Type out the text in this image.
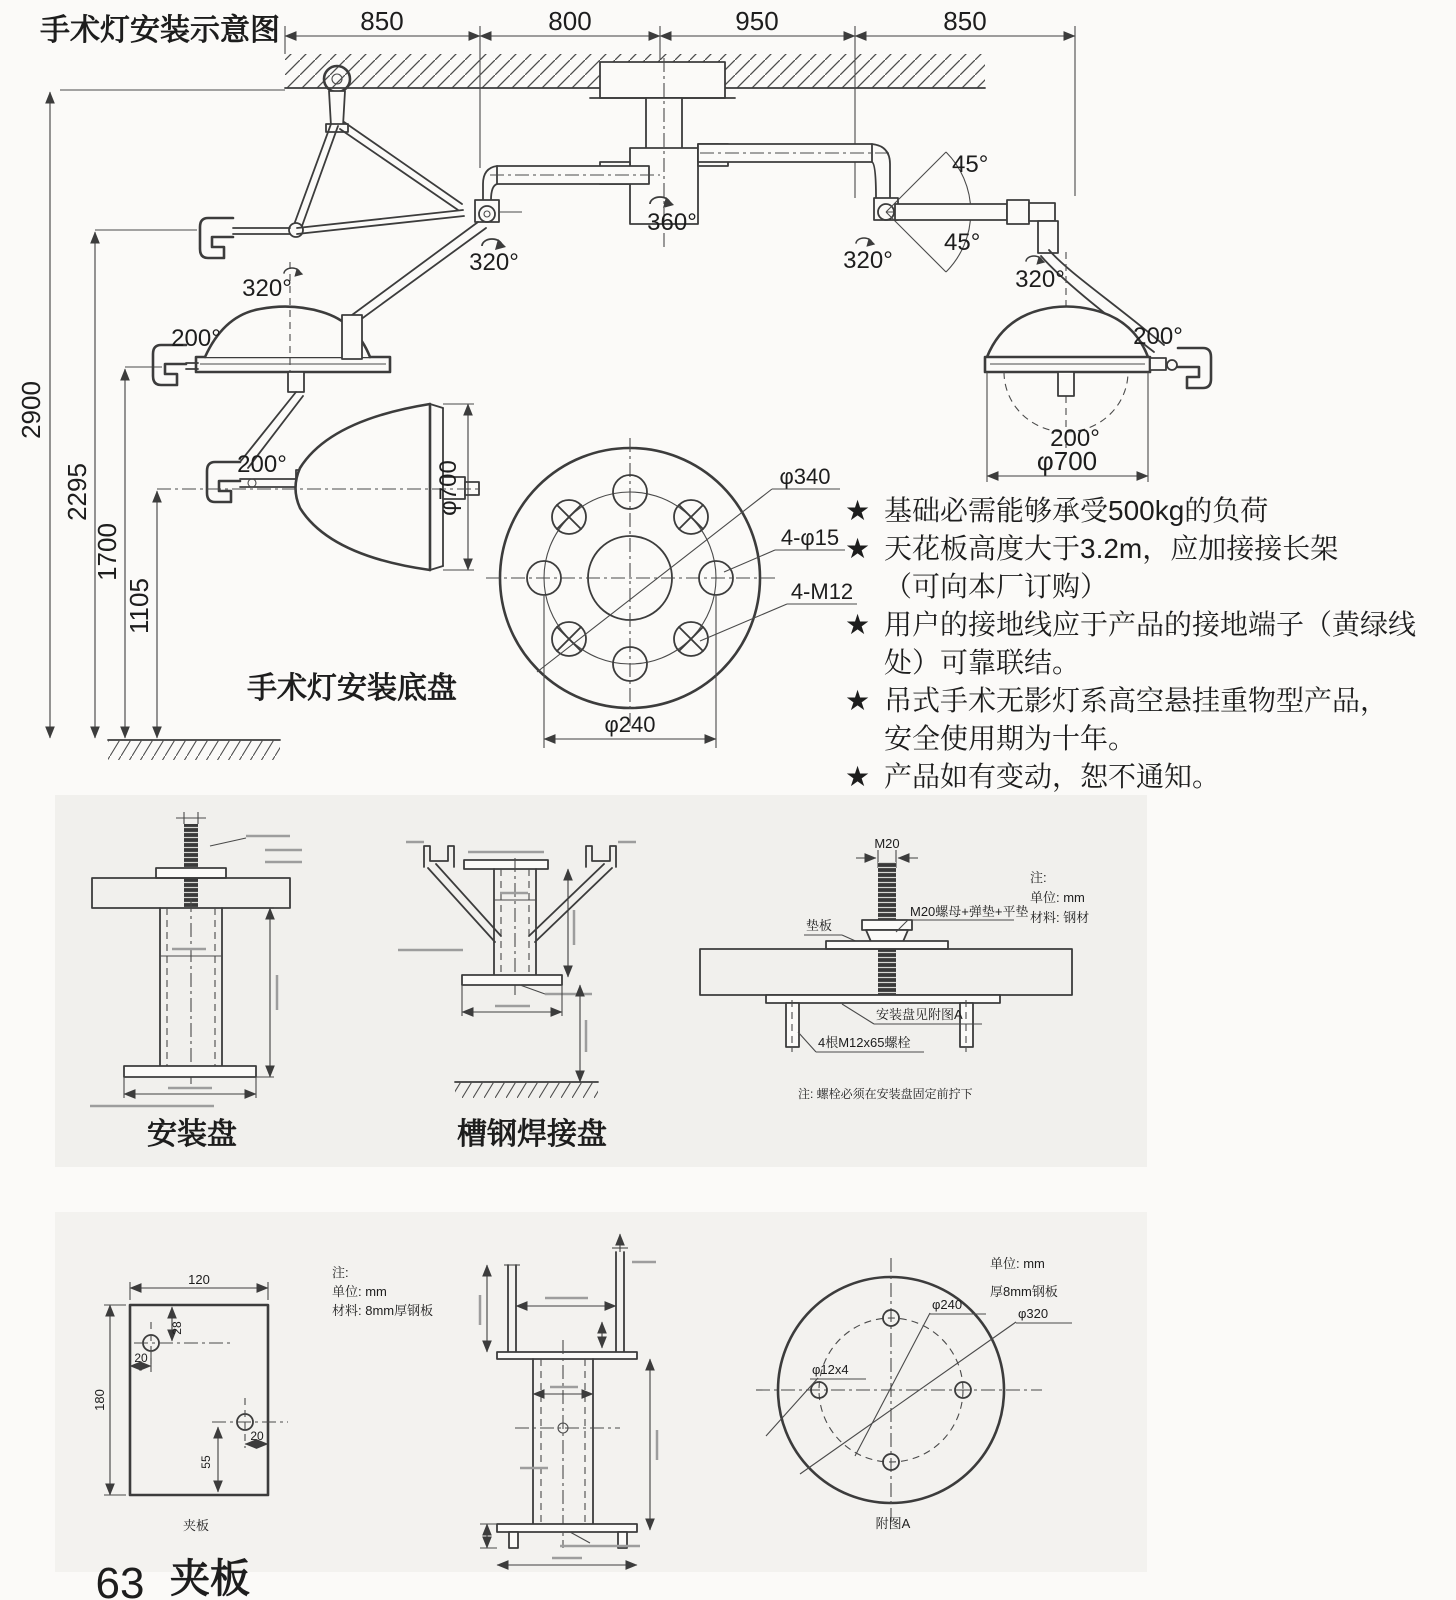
手术灯安装示意图	850	800	950	850
2900
2295
1700
1105
360°
320°
320°
200°
200°	φ700
手术灯安装底盘
320°
45°
45°
320°
200°
200°
φ700
φ340
4-φ15
4-M12
φ240
★ 基础必需能够承受500kg的负荷
★ 天花板高度大于3.2m，应加接接长架
（可向本厂订购）
★ 用户的接地线应于产品的接地端子（黄绿线
处）可靠联结。
★ 吊式手术无影灯系高空悬挂重物型产品，
安全使用期为十年。
★ 产品如有变动，恕不通知。
安装盘	槽钢焊接盘
M20
M20螺母+弹垫+平垫
垫板
安装盘见附图A
4根M12x65螺栓
注:
单位: mm
材料: 钢材
注: 螺栓必须在安装盘固定前拧下
120
180
28
20
20
55
注:
单位: mm
材料: 8mm厚钢板
夹板
夹板
φ240
φ320
φ12x4
单位: mm
厚8mm钢板
附图A
63
